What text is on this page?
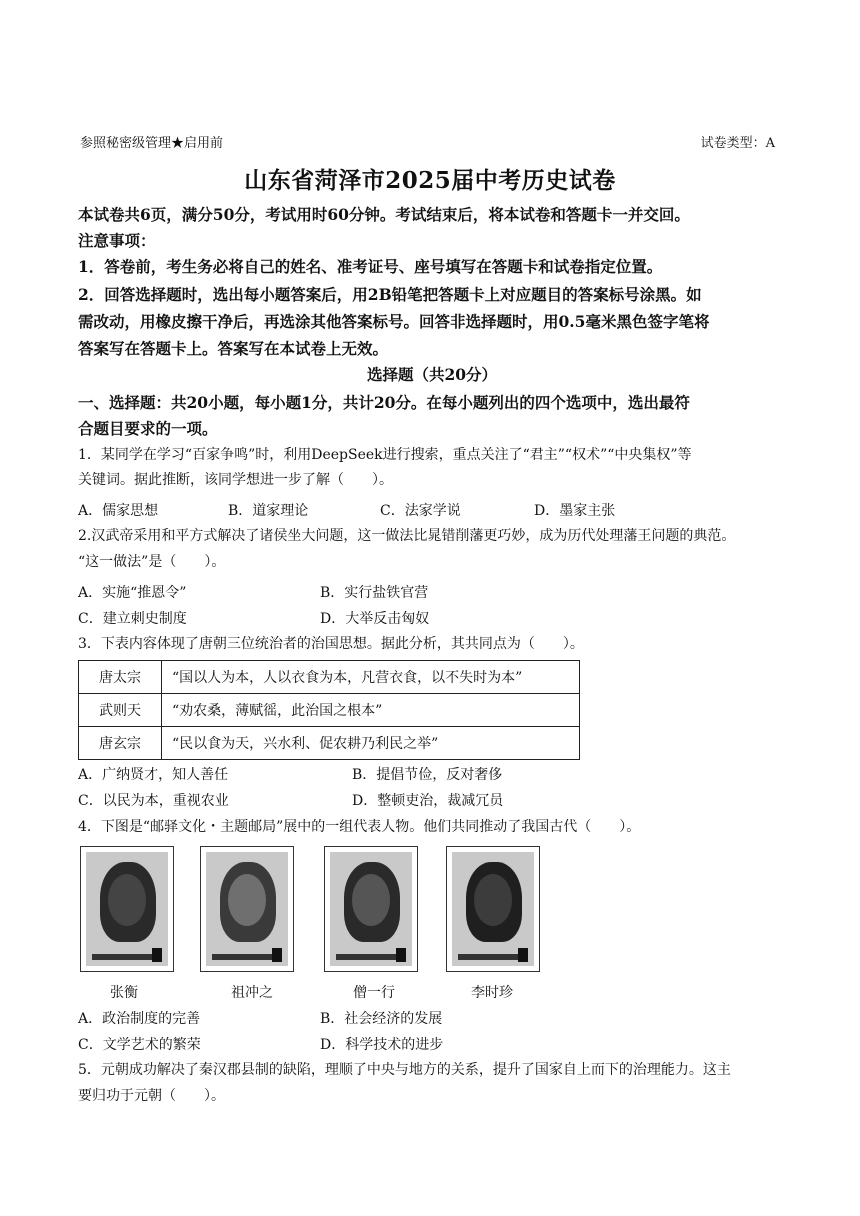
参照秘密级管理★启用前	试卷类型：A
山东省菏泽市2025届中考历史试卷
本试卷共6页，满分50分，考试用时60分钟。考试结束后，将本试卷和答题卡一并交回。
注意事项：
1．答卷前，考生务必将自己的姓名、准考证号、座号填写在答题卡和试卷指定位置。
2．回答选择题时，选出每小题答案后，用2B铅笔把答题卡上对应题目的答案标号涂黑。如
需改动，用橡皮擦干净后，再选涂其他答案标号。回答非选择题时，用0.5毫米黑色签字笔将
答案写在答题卡上。答案写在本试卷上无效。
选择题（共20分）
一、选择题：共20小题，每小题1分，共计20分。在每小题列出的四个选项中，选出最符
合题目要求的一项。
1．某同学在学习“百家争鸣”时，利用DeepSeek进行搜索，重点关注了“君主”“权术”“中央集权”等
关键词。据此推断，该同学想进一步了解（　　）。
A．儒家思想	B．道家理论	C．法家学说	D．墨家主张
2.汉武帝采用和平方式解决了诸侯坐大问题，这一做法比晁错削藩更巧妙，成为历代处理藩王问题的典范。
“这一做法”是（　　）。
A．实施“推恩令”	B．实行盐铁官营
C．建立刺史制度	D．大举反击匈奴
3．下表内容体现了唐朝三位统治者的治国思想。据此分析，其共同点为（　　）。
唐太宗	“国以人为本，人以衣食为本，凡营衣食，以不失时为本”
武则天	“劝农桑，薄赋徭，此治国之根本”
唐玄宗	“民以食为天，兴水利、促农耕乃利民之举”
A．广纳贤才，知人善任	B．提倡节俭，反对奢侈
C．以民为本，重视农业	D．整顿吏治，裁减冗员
4．下图是“邮驿文化・主题邮局”展中的一组代表人物。他们共同推动了我国古代（　　）。
张衡	祖冲之	僧一行	李时珍
A．政治制度的完善	B．社会经济的发展
C．文学艺术的繁荣	D．科学技术的进步
5．元朝成功解决了秦汉郡县制的缺陷，理顺了中央与地方的关系，提升了国家自上而下的治理能力。这主
要归功于元朝（　　）。
